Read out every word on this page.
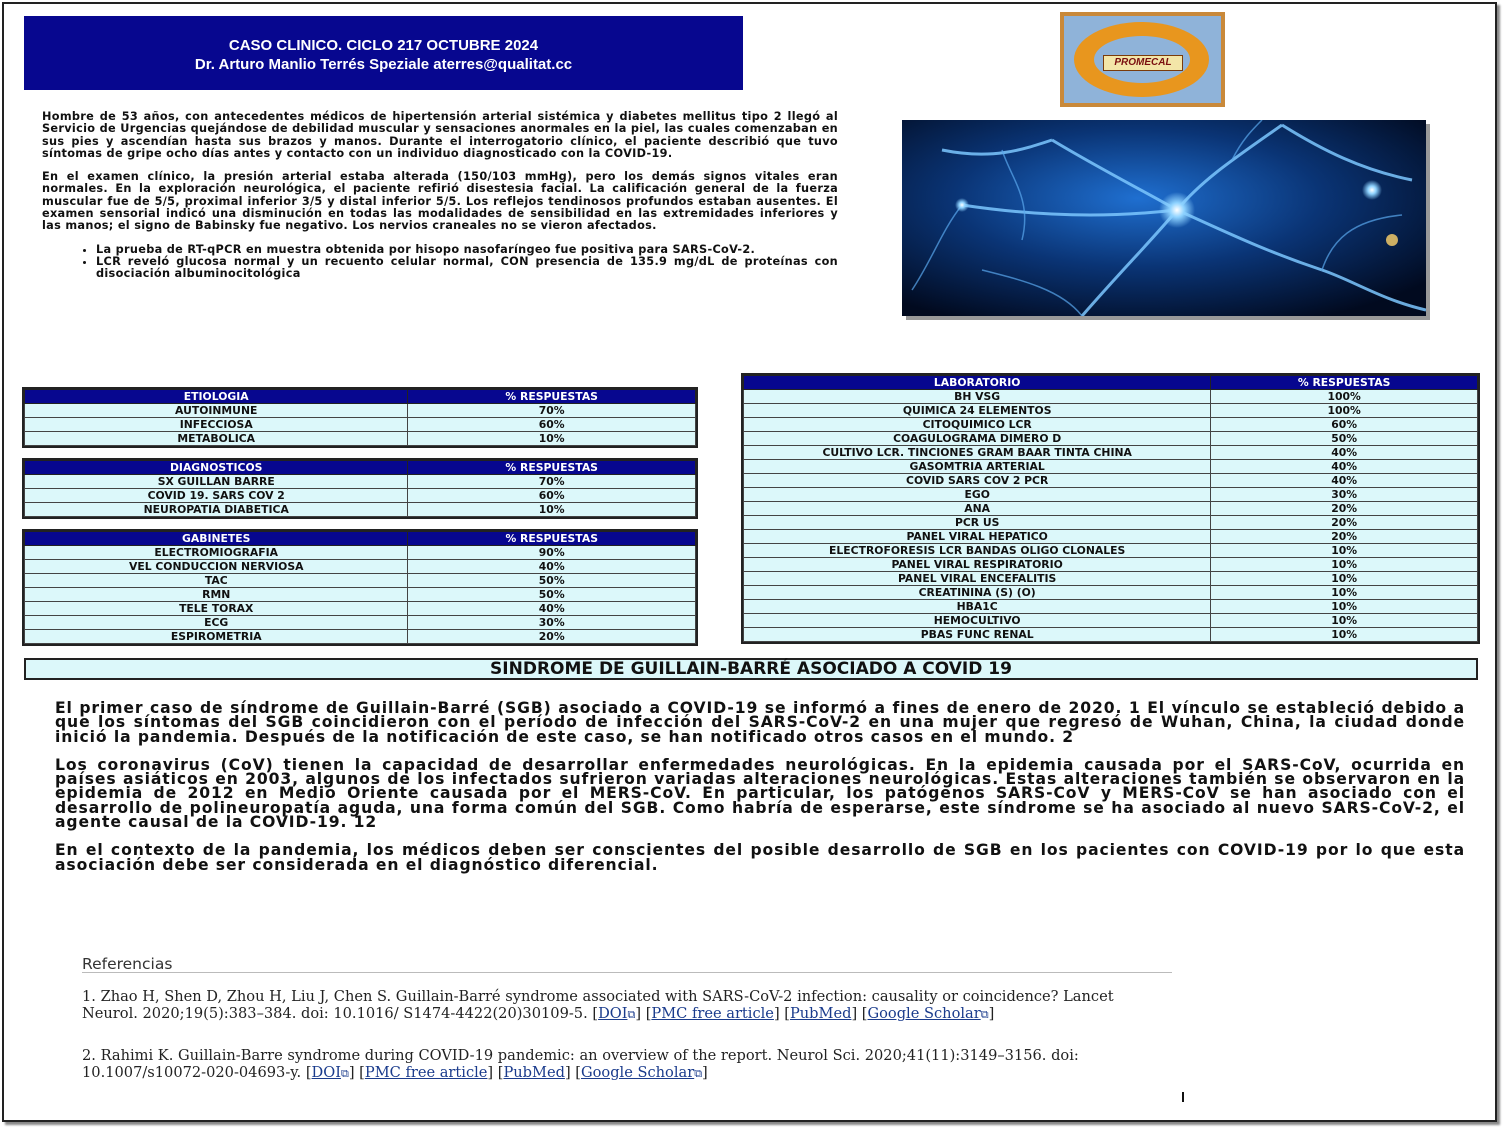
CASO CLINICO. CICLO 217 OCTUBRE 2024
Dr. Arturo Manlio Terrés Speziale aterres@qualitat.cc	PROMECAL

Hombre de 53 años, con antecedentes médicos de hipertensión arterial sistémica y diabetes mellitus tipo 2 llegó al Servicio de Urgencias quejándose de debilidad muscular y sensaciones anormales en la piel, las cuales comenzaban en sus pies y ascendían hasta sus brazos y manos. Durante el interrogatorio clínico, el paciente describió que tuvo síntomas de gripe ocho días antes y contacto con un individuo diagnosticado con la COVID-19.

En el examen clínico, la presión arterial estaba alterada (150/103 mmHg), pero los demás signos vitales eran normales. En la exploración neurológica, el paciente refirió disestesia facial. La calificación general de la fuerza muscular fue de 5/5, proximal inferior 3/5 y distal inferior 5/5. Los reflejos tendinosos profundos estaban ausentes. El examen sensorial indicó una disminución en todas las modalidades de sensibilidad en las extremidades inferiores y las manos; el signo de Babinsky fue negativo. Los nervios craneales no se vieron afectados.

• La prueba de RT-qPCR en muestra obtenida por hisopo nasofaríngeo fue positiva para SARS-CoV-2.
• LCR reveló glucosa normal y un recuento celular normal, CON presencia de 135.9 mg/dL de proteínas con disociación albuminocitológica
ETIOLOGIA	% RESPUESTAS
AUTOINMUNE	70%
INFECCIOSA	60%
METABOLICA	10%
DIAGNOSTICOS	% RESPUESTAS
SX GUILLAN BARRE	70%
COVID 19. SARS COV 2	60%
NEUROPATIA DIABETICA	10%
GABINETES	% RESPUESTAS
ELECTROMIOGRAFIA	90%
VEL CONDUCCION NERVIOSA	40%
TAC	50%
RMN	50%
TELE TORAX	40%
ECG	30%
ESPIROMETRIA	20%
LABORATORIO	% RESPUESTAS
BH VSG	100%
QUIMICA 24 ELEMENTOS	100%
CITOQUIMICO LCR	60%
COAGULOGRAMA DIMERO D	50%
CULTIVO LCR. TINCIONES GRAM BAAR TINTA CHINA	40%
GASOMTRIA ARTERIAL	40%
COVID SARS COV 2 PCR	40%
EGO	30%
ANA	20%
PCR US	20%
PANEL VIRAL HEPATICO	20%
ELECTROFORESIS LCR BANDAS OLIGO CLONALES	10%
PANEL VIRAL RESPIRATORIO	10%
PANEL VIRAL ENCEFALITIS	10%
CREATININA (S) (O)	10%
HBA1C	10%
HEMOCULTIVO	10%
PBAS FUNC RENAL	10%
SINDROME DE GUILLAIN-BARRÉ ASOCIADO A COVID 19

El primer caso de síndrome de Guillain-Barré (SGB) asociado a COVID-19 se informó a fines de enero de 2020. 1 El vínculo se estableció debido a que los síntomas del SGB coincidieron con el período de infección del SARS-CoV-2 en una mujer que regresó de Wuhan, China, la ciudad donde inició la pandemia. Después de la notificación de este caso, se han notificado otros casos en el mundo. 2

Los coronavirus (CoV) tienen la capacidad de desarrollar enfermedades neurológicas. En la epidemia causada por el SARS-CoV, ocurrida en países asiáticos en 2003, algunos de los infectados sufrieron variadas alteraciones neurológicas. Estas alteraciones también se observaron en la epidemia de 2012 en Medio Oriente causada por el MERS-CoV. En particular, los patógenos SARS-CoV y MERS-CoV se han asociado con el desarrollo de polineuropatía aguda, una forma común del SGB. Como habría de esperarse, este síndrome se ha asociado al nuevo SARS-CoV-2, el agente causal de la COVID-19. 12

En el contexto de la pandemia, los médicos deben ser conscientes del posible desarrollo de SGB en los pacientes con COVID-19 por lo que esta asociación debe ser considerada en el diagnóstico diferencial.

Referencias
1. Zhao H, Shen D, Zhou H, Liu J, Chen S. Guillain-Barré syndrome associated with SARS-CoV-2 infection: causality or coincidence? Lancet Neurol. 2020;19(5):383–384. doi: 10.1016/ S1474-4422(20)30109-5. [DOI⧉] [PMC free article] [PubMed] [Google Scholar⧉]
2. Rahimi K. Guillain-Barre syndrome during COVID-19 pandemic: an overview of the report. Neurol Sci. 2020;41(11):3149–3156. doi: 10.1007/s10072-020-04693-y. [DOI⧉] [PMC free article] [PubMed] [Google Scholar⧉]
